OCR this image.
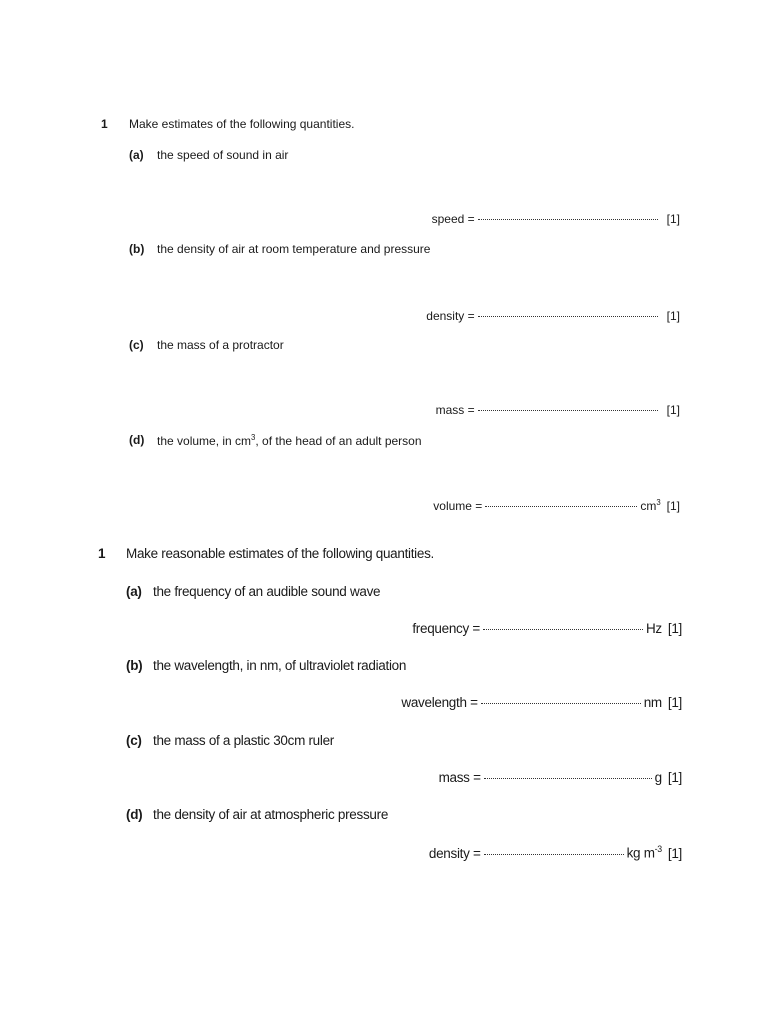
1 Make estimates of the following quantities.
(a) the speed of sound in air
speed =	[1]
(b) the density of air at room temperature and pressure
density =	[1]
(c) the mass of a protractor
mass =	[1]
(d) the volume, in $cm^3$, of the head of an adult person
volume =	$cm^3$ [1]
1 Make reasonable estimates of the following quantities.
(a) the frequency of an audible sound wave
frequency =	Hz [1]
(b) the wavelength, in nm, of ultraviolet radiation
wavelength =	nm [1]
(c) the mass of a plastic 30cm ruler
mass =	g [1]
(d) the density of air at atmospheric pressure
density =	kg $m^{-3}$ [1]
